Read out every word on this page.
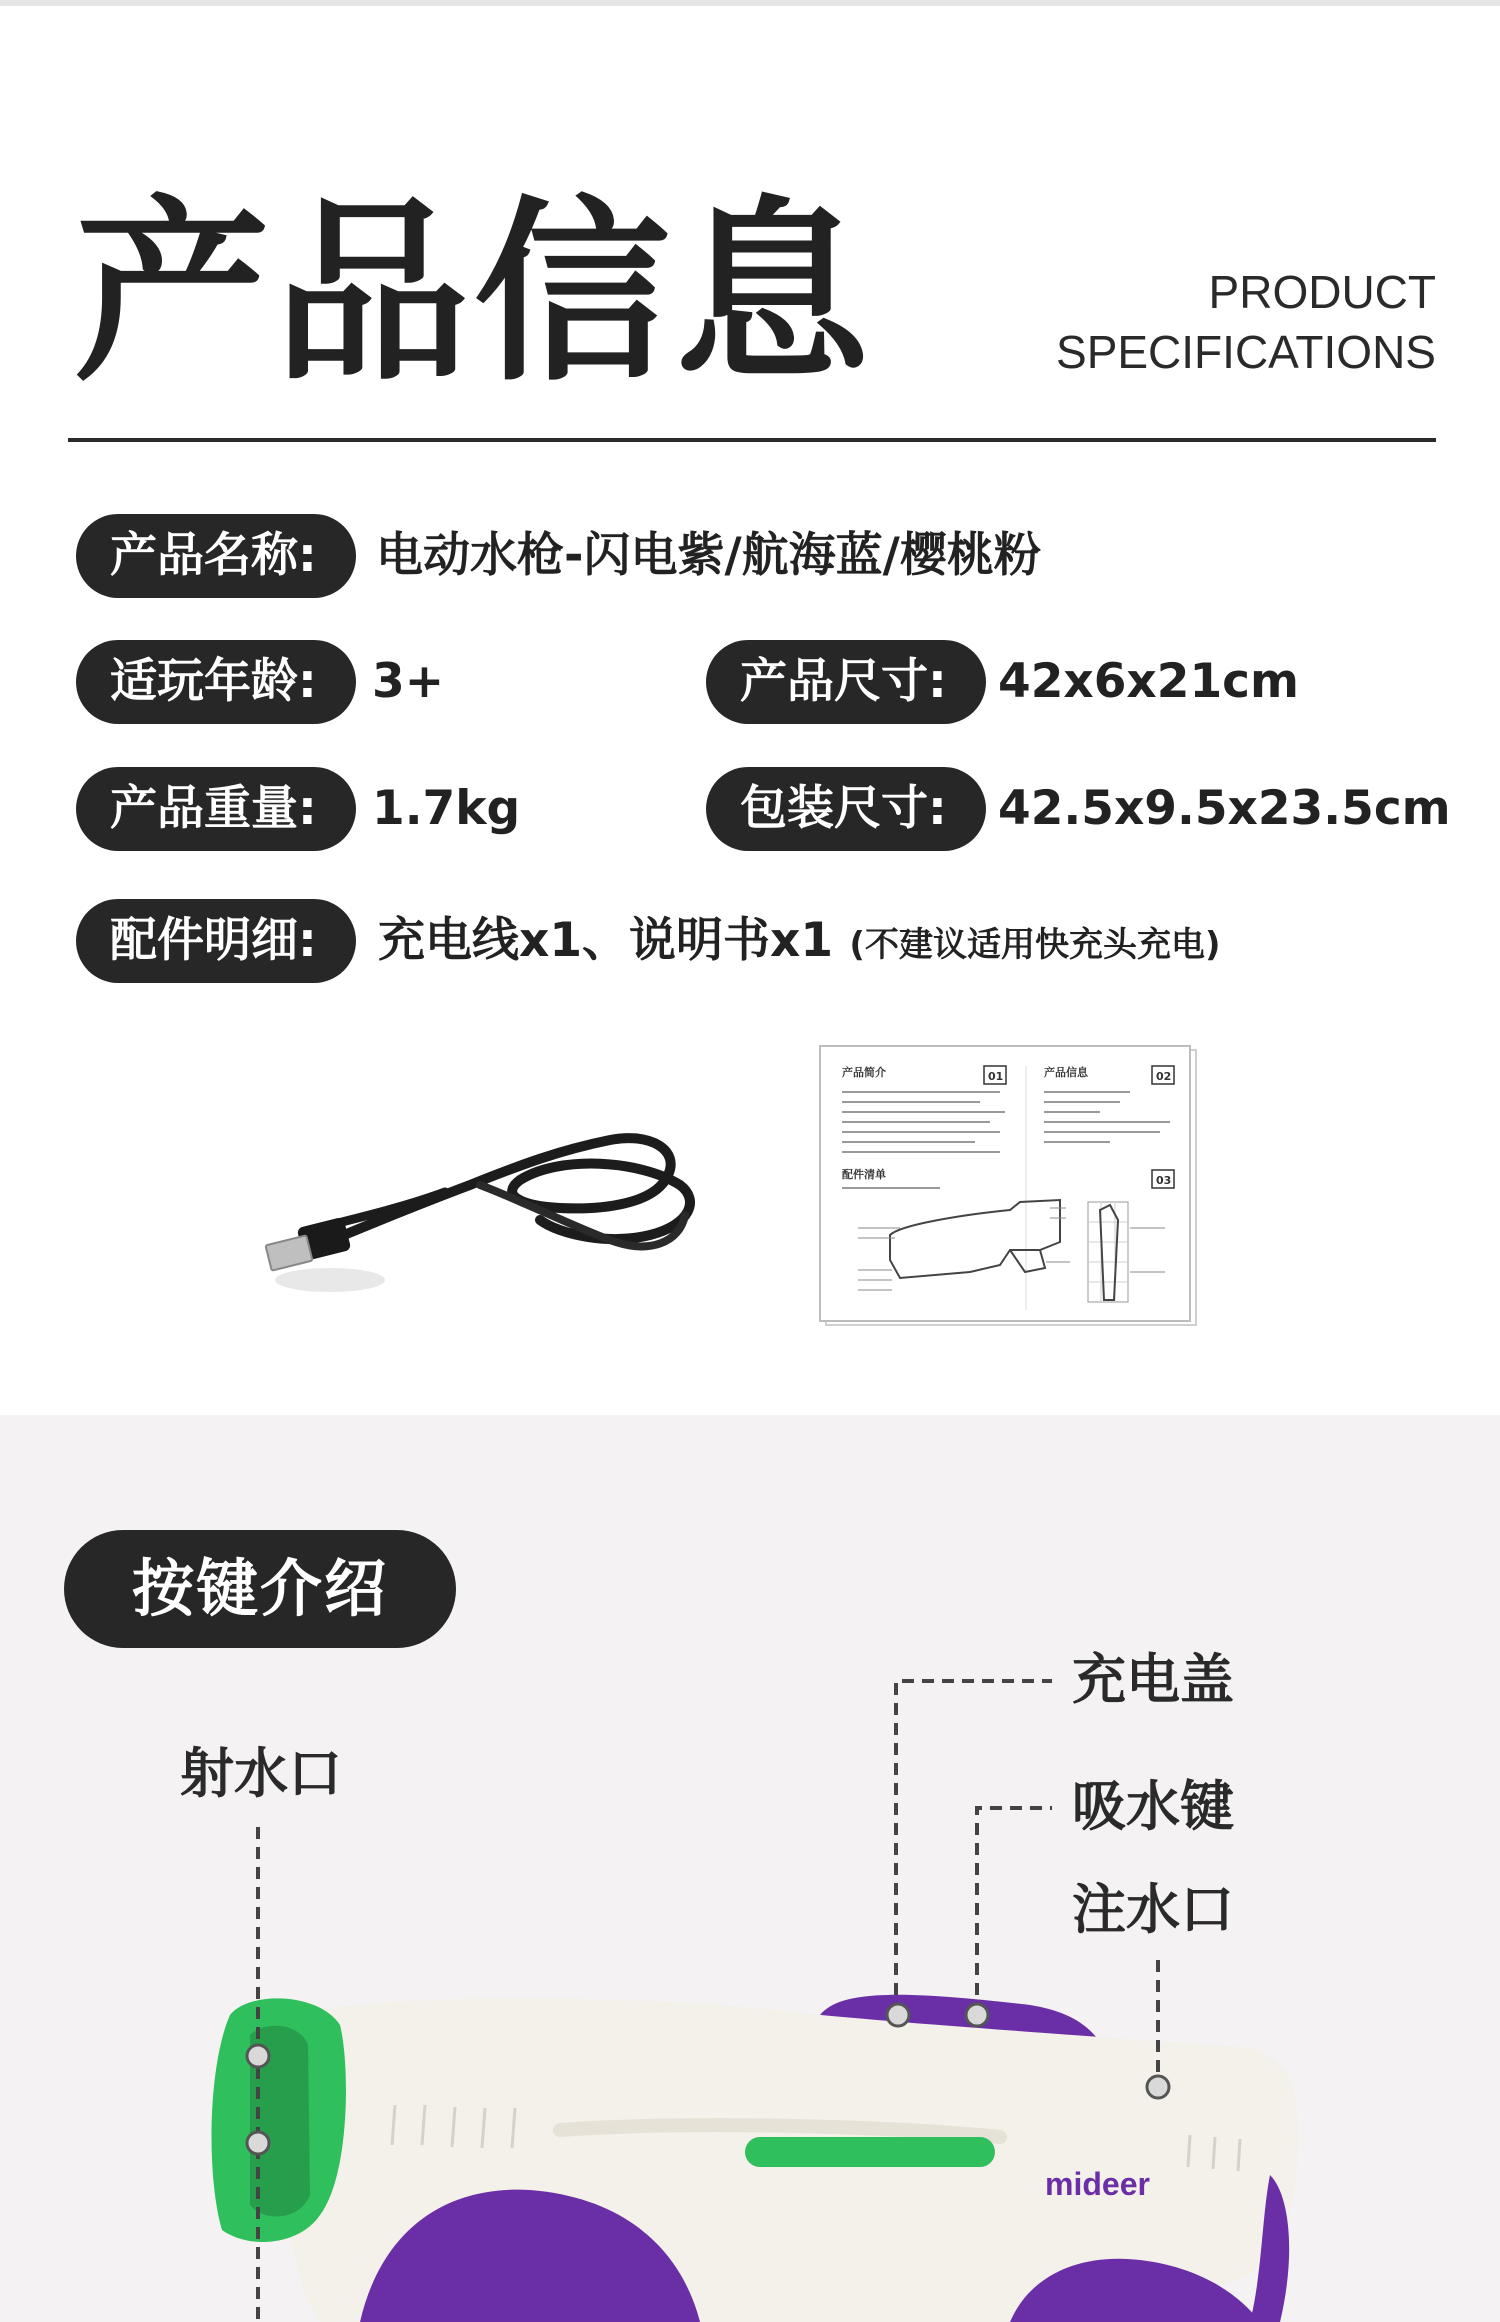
产品信息	PRODUCT
SPECIFICATIONS
产品名称:	电动水枪-闪电紫/航海蓝/樱桃粉
适玩年龄:	3+	产品尺寸:	42x6x21cm
产品重量:	1.7kg	包装尺寸:	42.5x9.5x23.5cm
配件明细:	充电线x1、说明书x1 (不建议适用快充头充电)
产品简介	01	产品信息	02
配件清单	03
mideer
按键介绍
充电盖
吸水键
注水口
射水口
